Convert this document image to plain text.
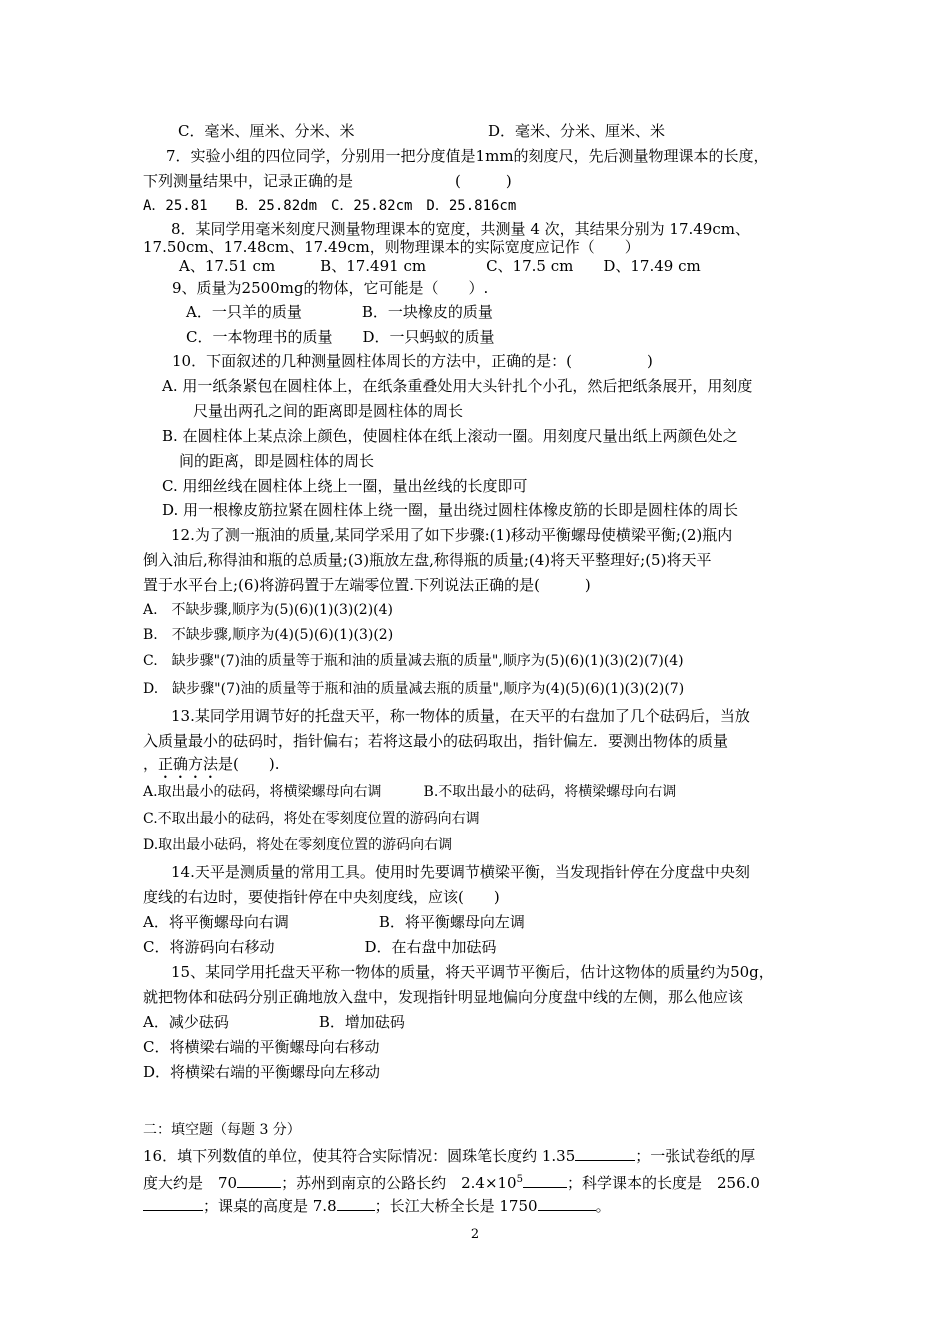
C．毫米、厘米、分米、米	D．毫米、分米、厘米、米
7．实验小组的四位同学，分别用一把分度值是1mm的刻度尺，先后测量物理课本的长度，
下列测量结果中，记录正确的是	(　　　)
A．25.81　　B．25.82dm　C．25.82cm　D．25.816cm
8．某同学用毫米刻度尺测量物理课本的宽度，共测量 4 次，其结果分别为 17.49cm、
17.50cm、17.48cm、17.49cm，则物理课本的实际宽度应记作（　　）
A、17.51 cm　　　B、17.491 cm　　　　C、17.5 cm　　D、17.49 cm
9、质量为2500mg的物体，它可能是（　　）.
A．一只羊的质量　　　　B．一块橡皮的质量
C．一本物理书的质量　　D．一只蚂蚁的质量
10．下面叙述的几种测量圆柱体周长的方法中，正确的是：(　　　　　)
A. 用一纸条紧包在圆柱体上，在纸条重叠处用大头针扎个小孔，然后把纸条展开，用刻度
尺量出两孔之间的距离即是圆柱体的周长
B. 在圆柱体上某点涂上颜色，使圆柱体在纸上滚动一圈。用刻度尺量出纸上两颜色处之
间的距离，即是圆柱体的周长
C. 用细丝线在圆柱体上绕上一圈，量出丝线的长度即可
D. 用一根橡皮筋拉紧在圆柱体上绕一圈，量出绕过圆柱体橡皮筋的长即是圆柱体的周长
12.为了测一瓶油的质量,某同学采用了如下步骤:(1)移动平衡螺母使横梁平衡;(2)瓶内
倒入油后,称得油和瓶的总质量;(3)瓶放左盘,称得瓶的质量;(4)将天平整理好;(5)将天平
置于水平台上;(6)将游码置于左端零位置.下列说法正确的是(　　　)
A.　不缺步骤,顺序为(5)(6)(1)(3)(2)(4)
B.　不缺步骤,顺序为(4)(5)(6)(1)(3)(2)
C.　缺步骤"(7)油的质量等于瓶和油的质量减去瓶的质量",顺序为(5)(6)(1)(3)(2)(7)(4)
D.　缺步骤"(7)油的质量等于瓶和油的质量减去瓶的质量",顺序为(4)(5)(6)(1)(3)(2)(7)
13.某同学用调节好的托盘天平，称一物体的质量，在天平的右盘加了几个砝码后，当放
入质量最小的砝码时，指针偏右；若将这最小的砝码取出，指针偏左．要测出物体的质量
，正确方法是(　　).
A.取出最小的砝码，将横梁螺母向右调　　　B.不取出最小的砝码，将横梁螺母向右调
C.不取出最小的砝码，将处在零刻度位置的游码向右调
D.取出最小砝码，将处在零刻度位置的游码向右调
14.天平是测质量的常用工具。使用时先要调节横梁平衡，当发现指针停在分度盘中央刻
度线的右边时，要使指针停在中央刻度线，应该(　　)
A．将平衡螺母向右调　　　　　　B．将平衡螺母向左调
C．将游码向右移动　　　　　　D．在右盘中加砝码
15、某同学用托盘天平称一物体的质量，将天平调节平衡后，估计这物体的质量约为50g，
就把物体和砝码分别正确地放入盘中，发现指针明显地偏向分度盘中线的左侧，那么他应该
A．减少砝码　　　　　　B．增加砝码
C．将横梁右端的平衡螺母向右移动
D．将横梁右端的平衡螺母向左移动
二：填空题（每题 3 分）
16．填下列数值的单位，使其符合实际情况：圆珠笔长度约 1.35	；一张试卷纸的厚
度大约是　70	；苏州到南京的公路长约　$2.4\times 10^5$	；科学课本的长度是　256.0
；课桌的高度是 7.8	；长江大桥全长是 1750	。
2
